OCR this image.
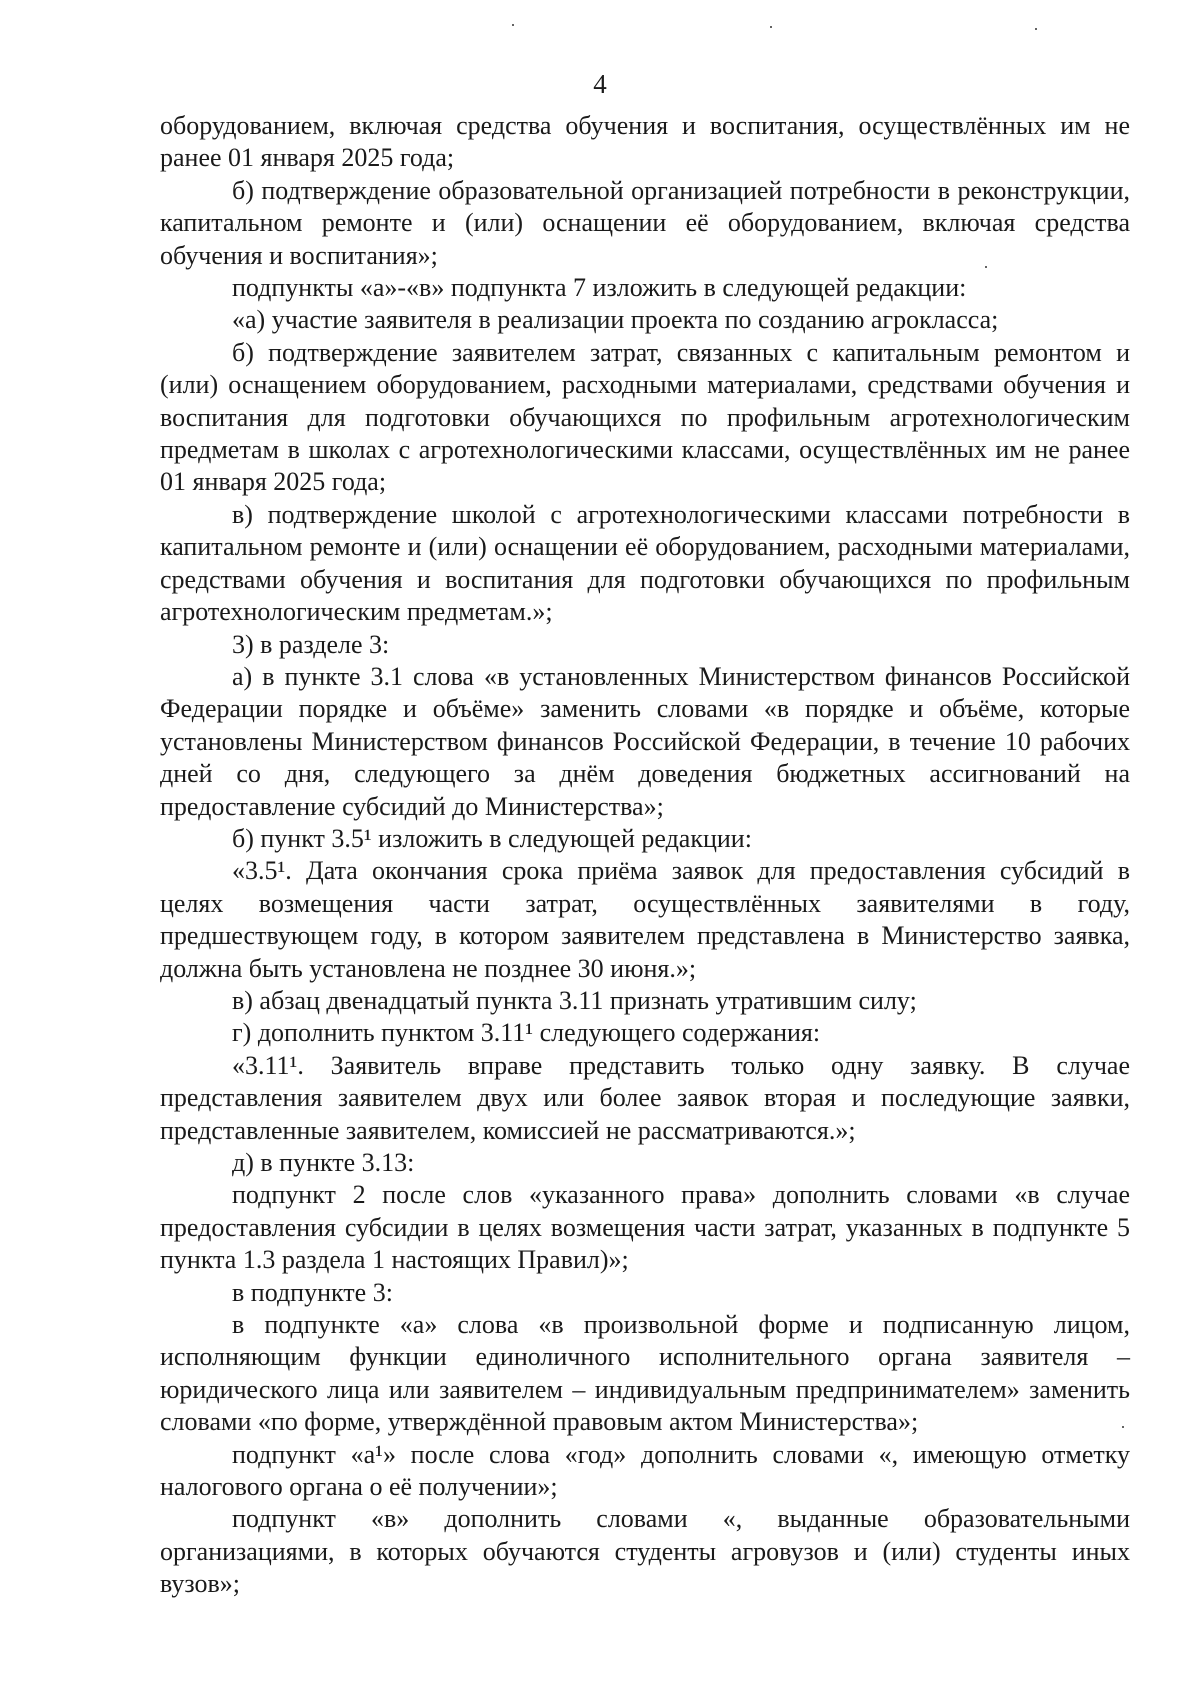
4

оборудованием, включая средства обучения и воспитания, осуществлённых им не ранее 01 января 2025 года;

б) подтверждение образовательной организацией потребности в реконструкции, капитальном ремонте и (или) оснащении её оборудованием, включая средства обучения и воспитания»;

подпункты «а»-«в» подпункта 7 изложить в следующей редакции:

«а) участие заявителя в реализации проекта по созданию агрокласса;

б) подтверждение заявителем затрат, связанных с капитальным ремонтом и (или) оснащением оборудованием, расходными материалами, средствами обучения и воспитания для подготовки обучающихся по профильным агротехнологическим предметам в школах с агротехнологическими классами, осуществлённых им не ранее 01 января 2025 года;

в) подтверждение школой с агротехнологическими классами потребности в капитальном ремонте и (или) оснащении её оборудованием, расходными материалами, средствами обучения и воспитания для подготовки обучающихся по профильным агротехнологическим предметам.»;

3) в разделе 3:

а) в пункте 3.1 слова «в установленных Министерством финансов Российской Федерации порядке и объёме» заменить словами «в порядке и объёме, которые установлены Министерством финансов Российской Федерации, в течение 10 рабочих дней со дня, следующего за днём доведения бюджетных ассигнований на предоставление субсидий до Министерства»;

б) пункт 3.5¹ изложить в следующей редакции:

«3.5¹. Дата окончания срока приёма заявок для предоставления субсидий в целях возмещения части затрат, осуществлённых заявителями в году, предшествующем году, в котором заявителем представлена в Министерство заявка, должна быть установлена не позднее 30 июня.»;

в) абзац двенадцатый пункта 3.11 признать утратившим силу;

г) дополнить пунктом 3.11¹ следующего содержания:

«3.11¹. Заявитель вправе представить только одну заявку. В случае представления заявителем двух или более заявок вторая и последующие заявки, представленные заявителем, комиссией не рассматриваются.»;

д) в пункте 3.13:

подпункт 2 после слов «указанного права» дополнить словами «в случае предоставления субсидии в целях возмещения части затрат, указанных в подпункте 5 пункта 1.3 раздела 1 настоящих Правил)»;

в подпункте 3:

в подпункте «а» слова «в произвольной форме и подписанную лицом, исполняющим функции единоличного исполнительного органа заявителя – юридического лица или заявителем – индивидуальным предпринимателем» заменить словами «по форме, утверждённой правовым актом Министерства»;

подпункт «а¹» после слова «год» дополнить словами «, имеющую отметку налогового органа о её получении»;

подпункт «в» дополнить словами «, выданные образовательными организациями, в которых обучаются студенты агровузов и (или) студенты иных вузов»;
